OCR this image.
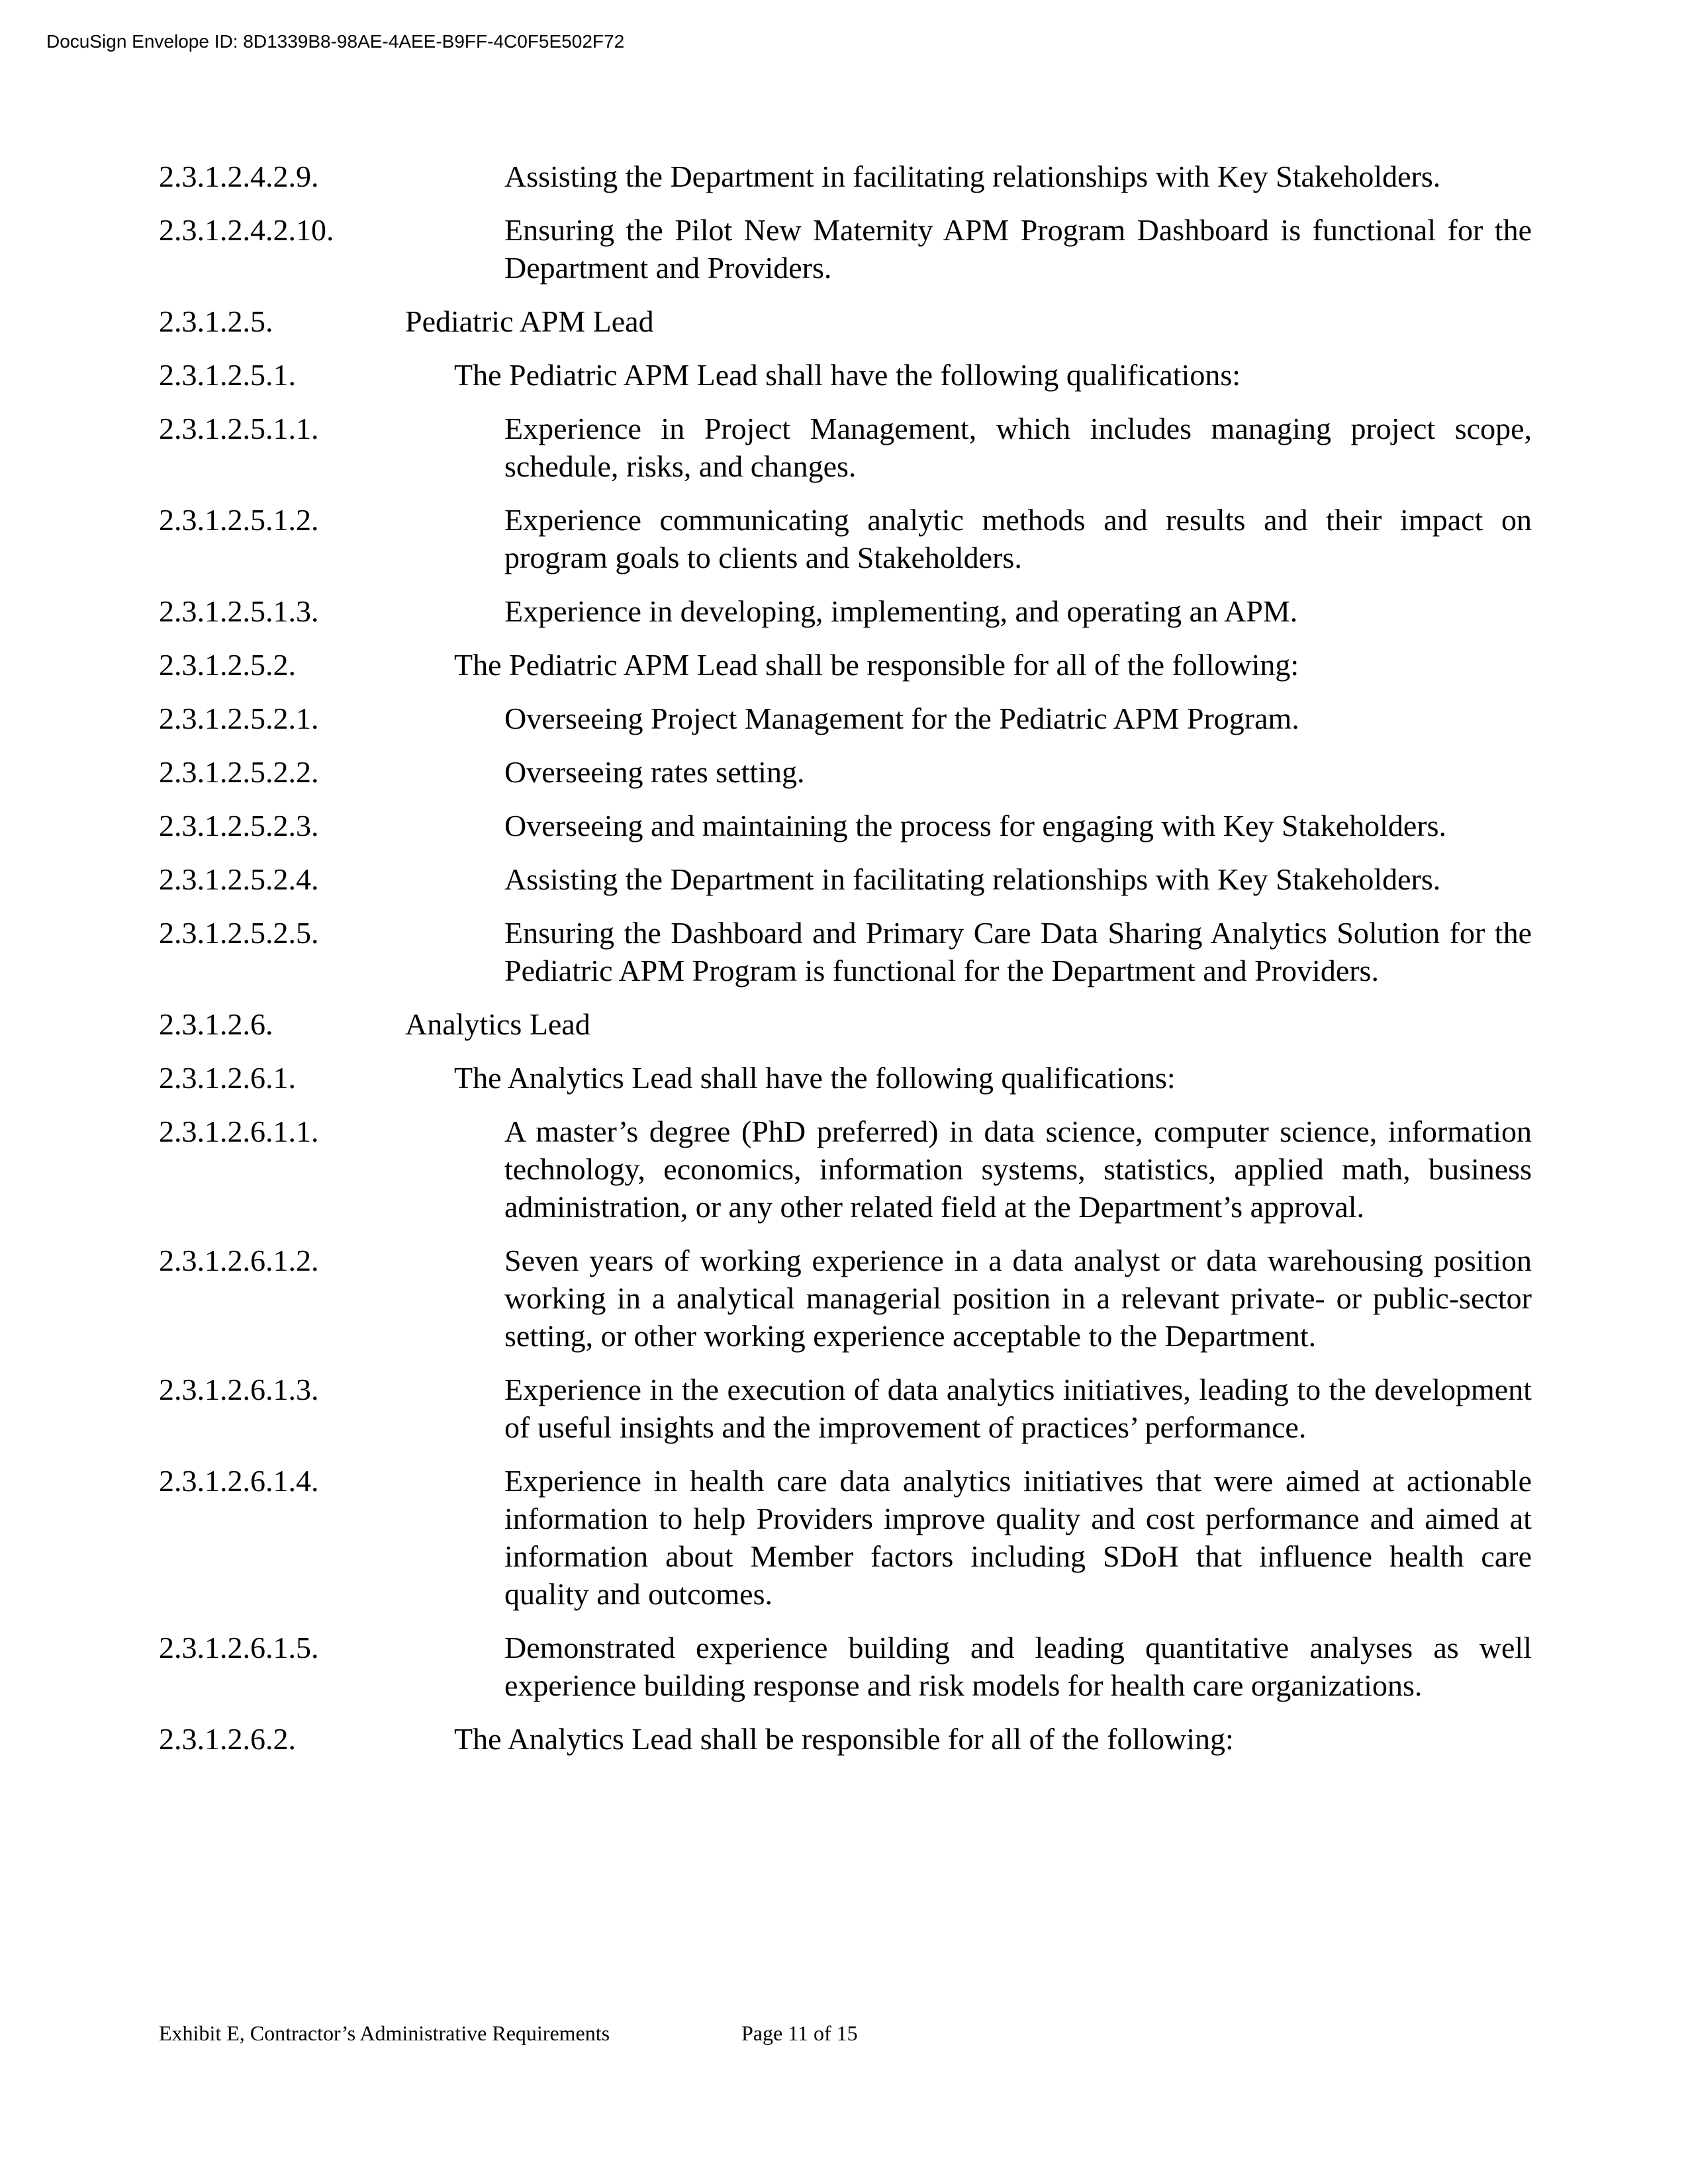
DocuSign Envelope ID: 8D1339B8-98AE-4AEE-B9FF-4C0F5E502F72
2.3.1.2.4.2.9.	Assisting the Department in facilitating relationships with Key Stakeholders.
2.3.1.2.4.2.10.	Ensuring the Pilot New Maternity APM Program Dashboard is functional for the Department and Providers.
2.3.1.2.5.	Pediatric APM Lead
2.3.1.2.5.1.	The Pediatric APM Lead shall have the following qualifications:
2.3.1.2.5.1.1.	Experience in Project Management, which includes managing project scope, schedule, risks, and changes.
2.3.1.2.5.1.2.	Experience communicating analytic methods and results and their impact on program goals to clients and Stakeholders.
2.3.1.2.5.1.3.	Experience in developing, implementing, and operating an APM.
2.3.1.2.5.2.	The Pediatric APM Lead shall be responsible for all of the following:
2.3.1.2.5.2.1.	Overseeing Project Management for the Pediatric APM Program.
2.3.1.2.5.2.2.	Overseeing rates setting.
2.3.1.2.5.2.3.	Overseeing and maintaining the process for engaging with Key Stakeholders.
2.3.1.2.5.2.4.	Assisting the Department in facilitating relationships with Key Stakeholders.
2.3.1.2.5.2.5.	Ensuring the Dashboard and Primary Care Data Sharing Analytics Solution for the Pediatric APM Program is functional for the Department and Providers.
2.3.1.2.6.	Analytics Lead
2.3.1.2.6.1.	The Analytics Lead shall have the following qualifications:
2.3.1.2.6.1.1.	A master’s degree (PhD preferred) in data science, computer science, information technology, economics, information systems, statistics, applied math, business administration, or any other related field at the Department’s approval.
2.3.1.2.6.1.2.	Seven years of working experience in a data analyst or data warehousing position working in a analytical managerial position in a relevant private- or public-sector setting, or other working experience acceptable to the Department.
2.3.1.2.6.1.3.	Experience in the execution of data analytics initiatives, leading to the development of useful insights and the improvement of practices’ performance.
2.3.1.2.6.1.4.	Experience in health care data analytics initiatives that were aimed at actionable information to help Providers improve quality and cost performance and aimed at information about Member factors including SDoH that influence health care quality and outcomes.
2.3.1.2.6.1.5.	Demonstrated experience building and leading quantitative analyses as well experience building response and risk models for health care organizations.
2.3.1.2.6.2.	The Analytics Lead shall be responsible for all of the following:
Exhibit E, Contractor’s Administrative Requirements	Page 11 of 15
